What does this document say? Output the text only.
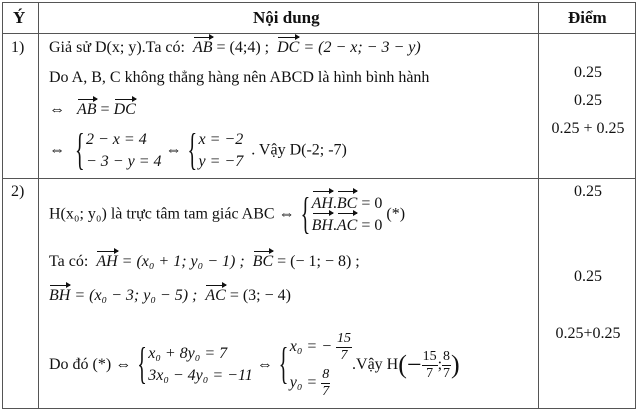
Ý	Nội dung	Điểm
1) Giả sử D(x; y).Ta có: AB = (4;4) ; DC = (2 − x; − 3 − y)
Do A, B, C không thẳng hàng nên ABCD là hình bình hành
⇔ AB = DC
⇔
{ 2 − x = 4
− 3 − y = 4
⇔
{ x = −2
y = −7
. Vậy D(-2; -7)
0.25
0.25
0.25 + 0.25
2)
H(x₀; y₀) là trực tâm tam giác ABC ⇔
{ AH.BC = 0
BH.AC = 0
(*)
Ta có: AH = (x₀ + 1; y₀ − 1) ; BC = (− 1; − 8) ;
BH = (x₀ − 3; y₀ − 5) ; AC = (3; − 4)
Do đó (*) ⇔

{ x₀ + 8y₀ = 7
3x₀ − 4y₀ = −11

⇔

{ x₀ = − $\frac{15}{7}$
$y_0 = \frac{8}{7}$
.Vậy H (− $\frac{15}{7}$ ; $\frac{8}{7}$ )
0.25
0.25
0.25+0.25
